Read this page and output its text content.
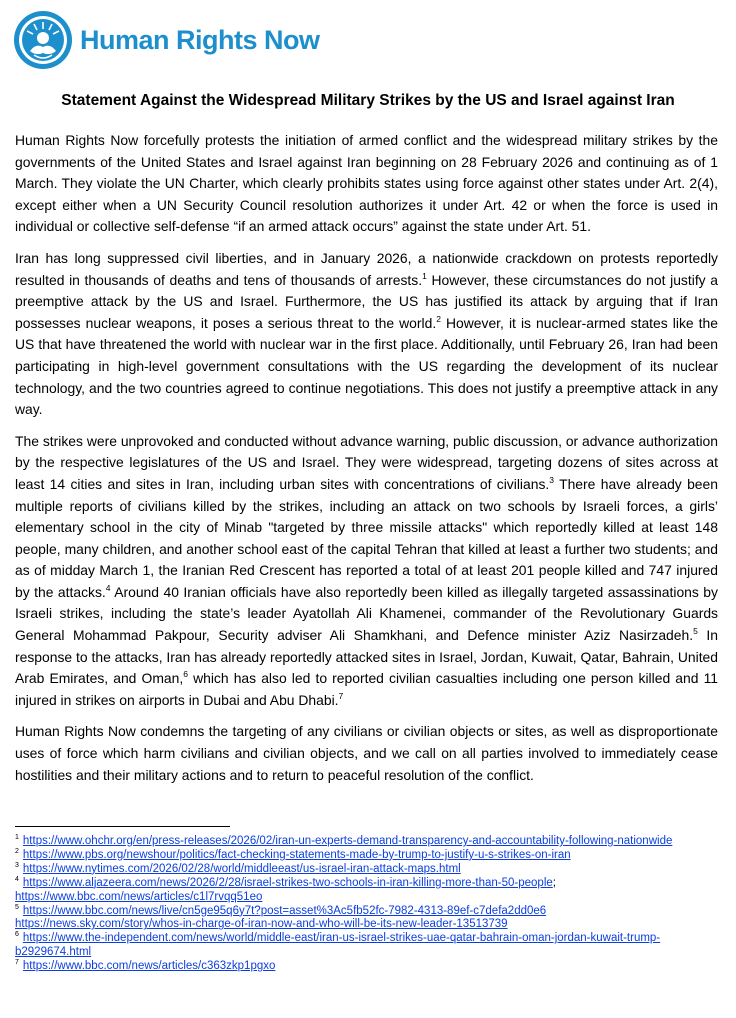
Human Rights Now
Statement Against the Widespread Military Strikes by the US and Israel against Iran

Human Rights Now forcefully protests the initiation of armed conflict and the widespread military strikes by the governments of the United States and Israel against Iran beginning on 28 February 2026 and continuing as of 1 March. They violate the UN Charter, which clearly prohibits states using force against other states under Art. 2(4), except either when a UN Security Council resolution authorizes it under Art. 42 or when the force is used in individual or collective self-defense “if an armed attack occurs” against the state under Art. 51.

Iran has long suppressed civil liberties, and in January 2026, a nationwide crackdown on protests reportedly resulted in thousands of deaths and tens of thousands of arrests.$^1$ However, these circumstances do not justify a preemptive attack by the US and Israel. Furthermore, the US has justified its attack by arguing that if Iran possesses nuclear weapons, it poses a serious threat to the world.$^2$ However, it is nuclear-armed states like the US that have threatened the world with nuclear war in the first place. Additionally, until February 26, Iran had been participating in high-level government consultations with the US regarding the development of its nuclear technology, and the two countries agreed to continue negotiations. This does not justify a preemptive attack in any way.

The strikes were unprovoked and conducted without advance warning, public discussion, or advance authorization by the respective legislatures of the US and Israel. They were widespread, targeting dozens of sites across at least 14 cities and sites in Iran, including urban sites with concentrations of civilians.$^3$ There have already been multiple reports of civilians killed by the strikes, including an attack on two schools by Israeli forces, a girls’ elementary school in the city of Minab "targeted by three missile attacks" which reportedly killed at least 148 people, many children, and another school east of the capital Tehran that killed at least a further two students; and as of midday March 1, the Iranian Red Crescent has reported a total of at least 201 people killed and 747 injured by the attacks.$^4$ Around 40 Iranian officials have also reportedly been killed as illegally targeted assassinations by Israeli strikes, including the state’s leader Ayatollah Ali Khamenei, commander of the Revolutionary Guards General Mohammad Pakpour, Security adviser Ali Shamkhani, and Defence minister Aziz Nasirzadeh.$^5$ In response to the attacks, Iran has already reportedly attacked sites in Israel, Jordan, Kuwait, Qatar, Bahrain, United Arab Emirates, and Oman,$^6$ which has also led to reported civilian casualties including one person killed and 11 injured in strikes on airports in Dubai and Abu Dhabi.$^7$

Human Rights Now condemns the targeting of any civilians or civilian objects or sites, as well as disproportionate uses of force which harm civilians and civilian objects, and we call on all parties involved to immediately cease hostilities and their military actions and to return to peaceful resolution of the conflict.

$^1$ https://www.ohchr.org/en/press-releases/2026/02/iran-un-experts-demand-transparency-and-accountability-following-nationwide
$^2$ https://www.pbs.org/newshour/politics/fact-checking-statements-made-by-trump-to-justify-u-s-strikes-on-iran
$^3$ https://www.nytimes.com/2026/02/28/world/middleeast/us-israel-iran-attack-maps.html
$^4$ https://www.aljazeera.com/news/2026/2/28/israel-strikes-two-schools-in-iran-killing-more-than-50-people;
https://www.bbc.com/news/articles/c1l7rvqq51eo
$^5$ https://www.bbc.com/news/live/cn5ge95q6y7t?post=asset%3Ac5fb52fc-7982-4313-89ef-c7defa2dd0e6
https://news.sky.com/story/whos-in-charge-of-iran-now-and-who-will-be-its-new-leader-13513739
$^6$ https://www.the-independent.com/news/world/middle-east/iran-us-israel-strikes-uae-qatar-bahrain-oman-jordan-kuwait-trump-b2929674.html
$^7$ https://www.bbc.com/news/articles/c363zkp1pgxo
